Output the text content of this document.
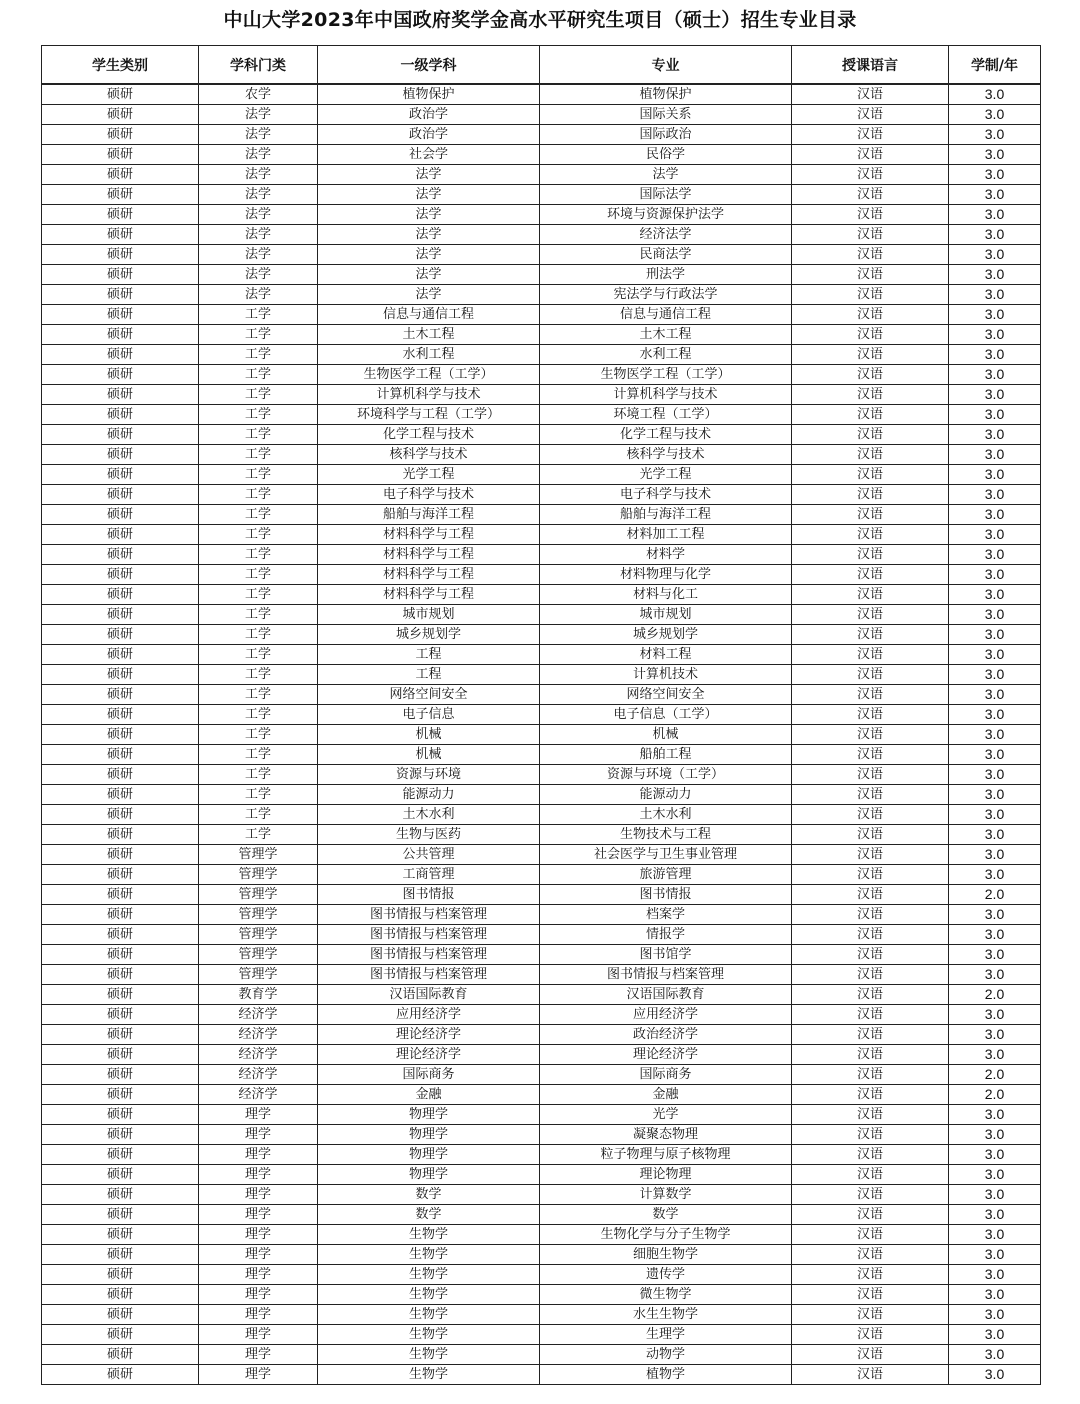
中山大学2023年中国政府奖学金高水平研究生项目（硕士）招生专业目录
学生类别	学科门类	一级学科	专业	授课语言	学制/年
硕研	农学	植物保护	植物保护	汉语	3.0
硕研	法学	政治学	国际关系	汉语	3.0
硕研	法学	政治学	国际政治	汉语	3.0
硕研	法学	社会学	民俗学	汉语	3.0
硕研	法学	法学	法学	汉语	3.0
硕研	法学	法学	国际法学	汉语	3.0
硕研	法学	法学	环境与资源保护法学	汉语	3.0
硕研	法学	法学	经济法学	汉语	3.0
硕研	法学	法学	民商法学	汉语	3.0
硕研	法学	法学	刑法学	汉语	3.0
硕研	法学	法学	宪法学与行政法学	汉语	3.0
硕研	工学	信息与通信工程	信息与通信工程	汉语	3.0
硕研	工学	土木工程	土木工程	汉语	3.0
硕研	工学	水利工程	水利工程	汉语	3.0
硕研	工学	生物医学工程（工学）	生物医学工程（工学）	汉语	3.0
硕研	工学	计算机科学与技术	计算机科学与技术	汉语	3.0
硕研	工学	环境科学与工程（工学）	环境工程（工学）	汉语	3.0
硕研	工学	化学工程与技术	化学工程与技术	汉语	3.0
硕研	工学	核科学与技术	核科学与技术	汉语	3.0
硕研	工学	光学工程	光学工程	汉语	3.0
硕研	工学	电子科学与技术	电子科学与技术	汉语	3.0
硕研	工学	船舶与海洋工程	船舶与海洋工程	汉语	3.0
硕研	工学	材料科学与工程	材料加工工程	汉语	3.0
硕研	工学	材料科学与工程	材料学	汉语	3.0
硕研	工学	材料科学与工程	材料物理与化学	汉语	3.0
硕研	工学	材料科学与工程	材料与化工	汉语	3.0
硕研	工学	城市规划	城市规划	汉语	3.0
硕研	工学	城乡规划学	城乡规划学	汉语	3.0
硕研	工学	工程	材料工程	汉语	3.0
硕研	工学	工程	计算机技术	汉语	3.0
硕研	工学	网络空间安全	网络空间安全	汉语	3.0
硕研	工学	电子信息	电子信息（工学）	汉语	3.0
硕研	工学	机械	机械	汉语	3.0
硕研	工学	机械	船舶工程	汉语	3.0
硕研	工学	资源与环境	资源与环境（工学）	汉语	3.0
硕研	工学	能源动力	能源动力	汉语	3.0
硕研	工学	土木水利	土木水利	汉语	3.0
硕研	工学	生物与医药	生物技术与工程	汉语	3.0
硕研	管理学	公共管理	社会医学与卫生事业管理	汉语	3.0
硕研	管理学	工商管理	旅游管理	汉语	3.0
硕研	管理学	图书情报	图书情报	汉语	2.0
硕研	管理学	图书情报与档案管理	档案学	汉语	3.0
硕研	管理学	图书情报与档案管理	情报学	汉语	3.0
硕研	管理学	图书情报与档案管理	图书馆学	汉语	3.0
硕研	管理学	图书情报与档案管理	图书情报与档案管理	汉语	3.0
硕研	教育学	汉语国际教育	汉语国际教育	汉语	2.0
硕研	经济学	应用经济学	应用经济学	汉语	3.0
硕研	经济学	理论经济学	政治经济学	汉语	3.0
硕研	经济学	理论经济学	理论经济学	汉语	3.0
硕研	经济学	国际商务	国际商务	汉语	2.0
硕研	经济学	金融	金融	汉语	2.0
硕研	理学	物理学	光学	汉语	3.0
硕研	理学	物理学	凝聚态物理	汉语	3.0
硕研	理学	物理学	粒子物理与原子核物理	汉语	3.0
硕研	理学	物理学	理论物理	汉语	3.0
硕研	理学	数学	计算数学	汉语	3.0
硕研	理学	数学	数学	汉语	3.0
硕研	理学	生物学	生物化学与分子生物学	汉语	3.0
硕研	理学	生物学	细胞生物学	汉语	3.0
硕研	理学	生物学	遗传学	汉语	3.0
硕研	理学	生物学	微生物学	汉语	3.0
硕研	理学	生物学	水生生物学	汉语	3.0
硕研	理学	生物学	生理学	汉语	3.0
硕研	理学	生物学	动物学	汉语	3.0
硕研	理学	生物学	植物学	汉语	3.0
